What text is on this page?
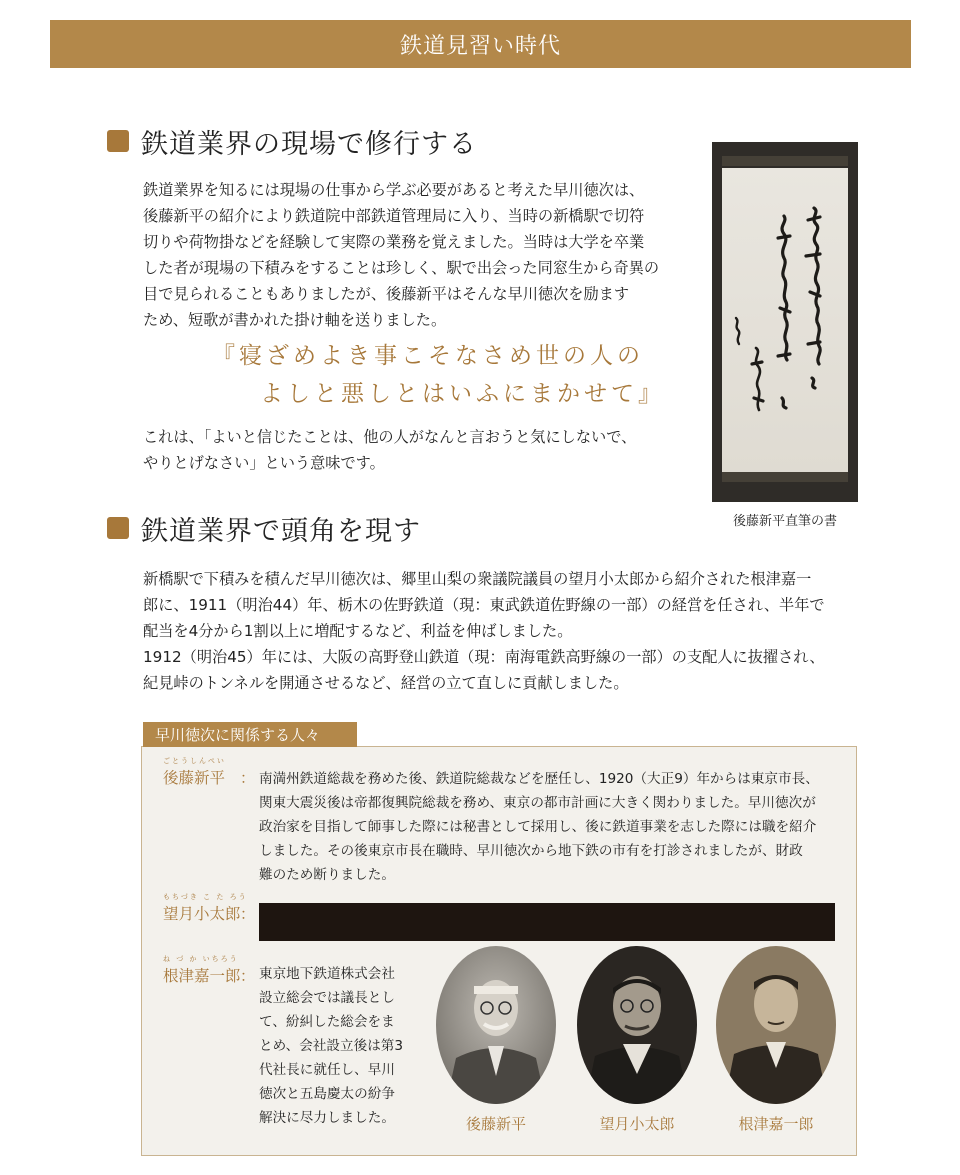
鉄道見習い時代
鉄道業界の現場で修行する

鉄道業界を知るには現場の仕事から学ぶ必要があると考えた早川徳次は、

後藤新平の紹介により鉄道院中部鉄道管理局に入り、当時の新橋駅で切符

切りや荷物掛などを経験して実際の業務を覚えました。当時は大学を卒業

した者が現場の下積みをすることは珍しく、駅で出会った同窓生から奇異の

目で見られることもありましたが、後藤新平はそんな早川徳次を励ます

ため、短歌が書かれた掛け軸を送りました。

『寝ざめよき事こそなさめ世の人の
よしと悪しとはいふにまかせて』

これは、「よいと信じたことは、他の人がなんと言おうと気にしないで、

やりとげなさい」という意味です。

後藤新平直筆の書
鉄道業界で頭角を現す

新橋駅で下積みを積んだ早川徳次は、郷里山梨の衆議院議員の望月小太郎から紹介された根津嘉一

郎に、1911（明治44）年、栃木の佐野鉄道（現：東武鉄道佐野線の一部）の経営を任され、半年で

配当を4分から1割以上に増配するなど、利益を伸ばしました。

1912（明治45）年には、大阪の高野登山鉄道（現：南海電鉄高野線の一部）の支配人に抜擢され、

紀見峠のトンネルを開通させるなど、経営の立て直しに貢献しました。

早川徳次に関係する人々
ごとうしんぺい
後藤新平 ： 南満州鉄道総裁を務めた後、鉄道院総裁などを歴任し、1920（大正9）年からは東京市長、
関東大震災後は帝都復興院総裁を務め、東京の都市計画に大きく関わりました。早川徳次が
政治家を目指して師事した際には秘書として採用し、後に鉄道事業を志した際には職を紹介
しました。その後東京市長在職時、早川徳次から地下鉄の市有を打診されましたが、財政
難のため断りました。
もちづき こ た ろう
望月小太郎 ：
ね づ か いちろう
根津嘉一郎 ： 東京地下鉄道株式会社
設立総会では議長とし
て、紛糾した総会をま
とめ、会社設立後は第3
代社長に就任し、早川
徳次と五島慶太の紛争
解決に尽力しました。	後藤新平	望月小太郎	根津嘉一郎
